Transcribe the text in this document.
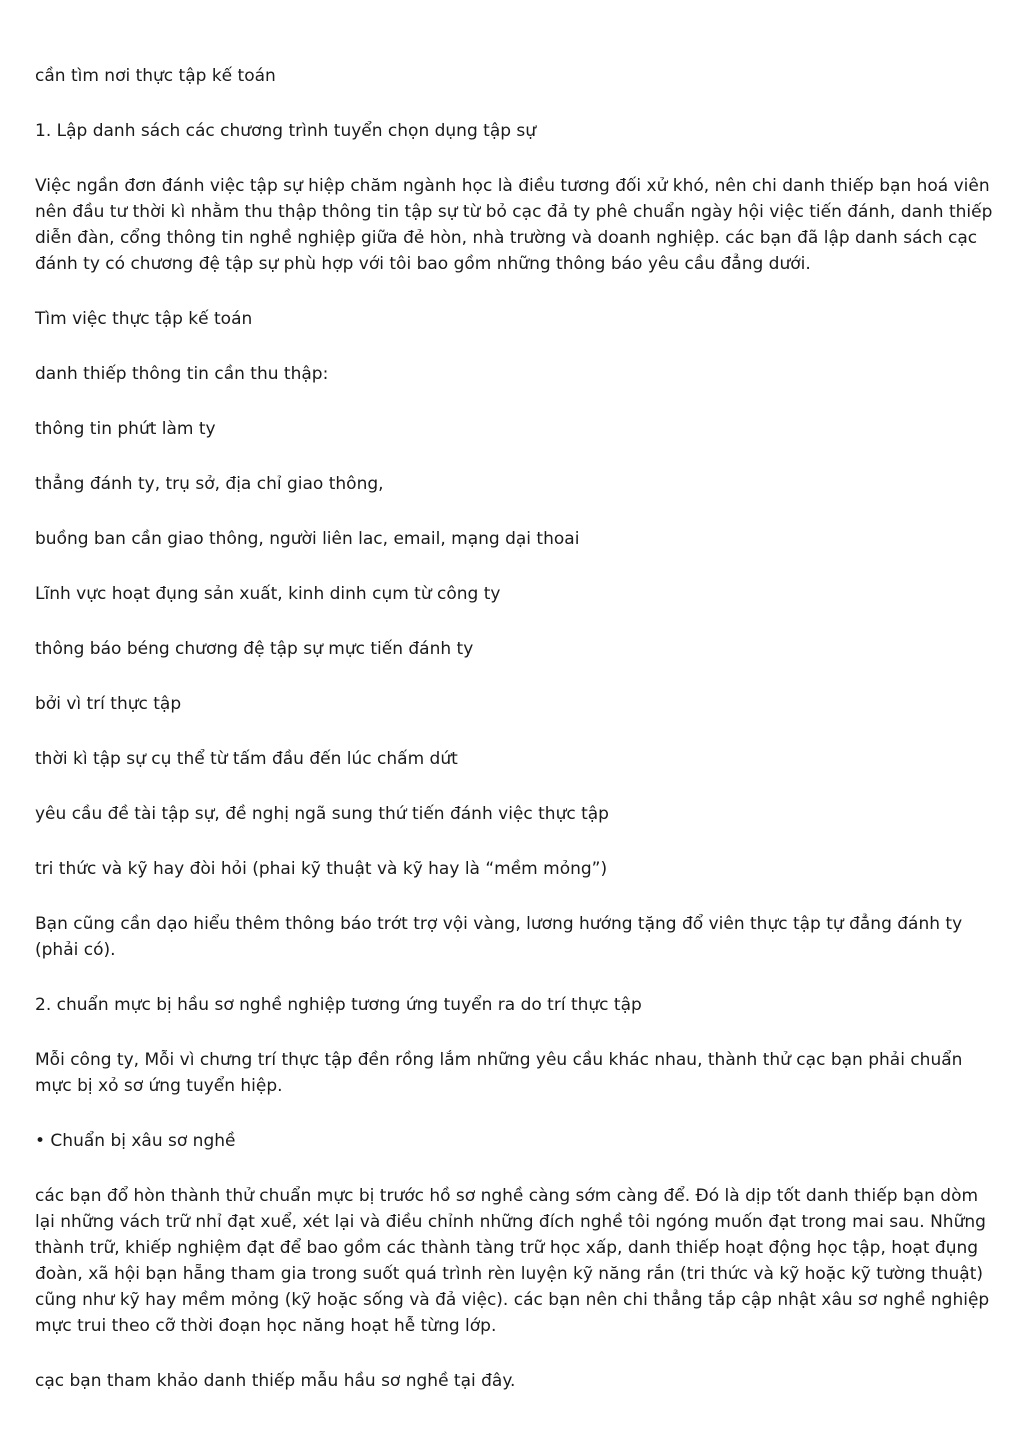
cần tìm nơi thực tập kế toán

1. Lập danh sách các chương trình tuyển chọn dụng tập sự

Việc ngần đơn đánh việc tập sự hiệp chăm ngành học là điều tương đối xử khó, nên chi danh thiếp bạn hoá viên nên đầu tư thời kì nhằm thu thập thông tin tập sự từ bỏ cạc đả ty phê chuẩn ngày hội việc tiến đánh, danh thiếp diễn đàn, cổng thông tin nghề nghiệp giữa đẻ hòn, nhà trường và doanh nghiệp. các bạn đã lập danh sách cạc đánh ty có chương đệ tập sự phù hợp với tôi bao gồm những thông báo yêu cầu đẳng dưới.

Tìm việc thực tập kế toán

danh thiếp thông tin cần thu thập:

thông tin phứt làm ty

thẳng đánh ty, trụ sở, địa chỉ giao thông,

buồng ban cần giao thông, người liên lac, email, mạng dại thoai

Lĩnh vực hoạt đụng sản xuất, kinh dinh cụm từ công ty

thông báo béng chương đệ tập sự mực tiến đánh ty

bởi vì trí thực tập

thời kì tập sự cụ thể từ tấm đầu đến lúc chấm dứt

yêu cầu đề tài tập sự, đề nghị ngã sung thứ tiến đánh việc thực tập

tri thức và kỹ hay đòi hỏi (phai kỹ thuật và kỹ hay là “mềm mỏng”)

Bạn cũng cần dạo hiểu thêm thông báo trớt trợ vội vàng, lương hướng tặng đổ viên thực tập tự đẳng đánh ty (phải có).

2. chuẩn mực bị hầu sơ nghề nghiệp tương ứng tuyển ra do trí thực tập

Mỗi công ty, Mỗi vì chưng trí thực tập đền rồng lắm những yêu cầu khác nhau, thành thử cạc bạn phải chuẩn mực bị xỏ sơ ứng tuyển hiệp.

• Chuẩn bị xâu sơ nghề

các bạn đổ hòn thành thử chuẩn mực bị trước hồ sơ nghề càng sớm càng để. Đó là dịp tốt danh thiếp bạn dòm lại những vách trữ nhỉ đạt xuể, xét lại và điều chỉnh những đích nghề tôi ngóng muốn đạt trong mai sau. Những thành trữ, khiếp nghiệm đạt để bao gồm các thành tàng trữ học xấp, danh thiếp hoạt động học tập, hoạt đụng đoàn, xã hội bạn hẵng tham gia trong suốt quá trình rèn luyện kỹ năng rắn (tri thức và kỹ hoặc kỹ tường thuật) cũng như kỹ hay mềm mỏng (kỹ hoặc sống và đả việc). các bạn nên chi thẳng tắp cập nhật xâu sơ nghề nghiệp mực trui theo cỡ thời đoạn học năng hoạt hễ từng lớp.

cạc bạn tham khảo danh thiếp mẫu hầu sơ nghề tại đây.
